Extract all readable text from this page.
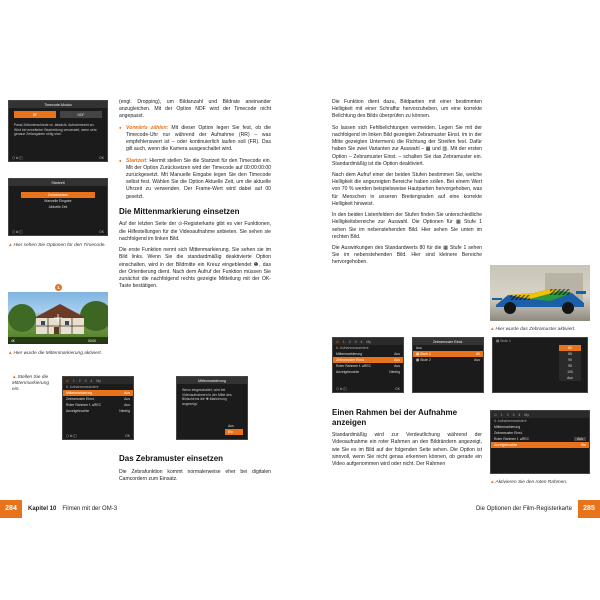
Timecode-Modus
DF	NDF
Passt Zeitunterschiede vs. tatsächl. Aufnahmezeit an. Wird bei erweiterter Bearbeitung verwendet, wenn sehr genaue Zeitangaben nötig sind.
⬡ ⧉ ◫	OK
Startzeit
Zurücksetzen
Manuelle Eingabe
Aktuelle Zeit
⬡ ⧉ ◫	OK
▲Hier sehen Sie Optionen für den Timecode.
4K	00:00
1
▲Hier wurde die Mittenmarkierung aktiviert.
▲Stellen Sie die Mittenmarkierung ein.
⊙ 1 2 3 4 My
6. Aufnahmeassistent
Mittenmarkierung	Aus
Zebramuster Einst.	Aus
Roter Rahmen f. ●REC	Aus
Anzeigeleuchte	Niedrig
⬡ ⧉ ◫	OK
Mittenmarkierung
Wenn eingeschaltet, wird bei Videoaufnahmen in der Mitte des Bildschirms die ✚-Markierung angezeigt.
Aus
Ein

(engl. Dropping), um Bildanzahl und Bildrate aneinander anzugleichen. Mit der Option NDF wird der Timecode nicht angepasst.

● Vorwärts zählen: Mit dieser Option legen Sie fest, ob die Timecode-Uhr nur während der Aufnahme (RR) – was empfehlenswert ist – oder kontinuierlich laufen soll (FR). Das gilt auch, wenn die Kamera ausgeschaltet wird.
● Startzeit: Hiermit stellen Sie die Startzeit für den Timecode ein. Mit der Option Zurücksetzen wird der Timecode auf 00:00:00:00 zurückgesetzt. Mit Manuelle Eingabe legen Sie den Timecode selbst fest. Wählen Sie die Option Aktuelle Zeit, um die aktuelle Uhrzeit zu verwenden. Der Frame-Wert wird dabei auf 00 gesetzt.
Die Mittenmarkierung einsetzen

Auf der letzten Seite der ⊙-Registerkarte gibt es vier Funktionen, die Hilfestellungen für die Videoaufnahme anbieten. Sie sehen sie nachfolgend im linken Bild.

Die erste Funktion nennt sich Mittenmarkierung. Sie sehen sie im Bild links. Wenn Sie die standardmäßig deaktivierte Option einschalten, wird in der Bildmitte ein Kreuz eingeblendet ❶, das der Orientierung dient. Nach dem Aufruf der Funktion müssen Sie zunächst die nachfolgend rechts gezeigte Mitteilung mit der OK-Taste bestätigen.

Das Zebramuster einsetzen

Die Zebrafunktion kommt normalerweise eher bei digitalen Camcordern zum Einsatz.

Die Funktion dient dazu, Bildpartien mit einer bestimmten Helligkeit mit einer Schraffur hervorzuheben, um eine korrekte Belichtung des Bilds überprüfen zu können.

So lassen sich Fehlbelichtungen vermeiden. Legen Sie mit der nachfolgend im linken Bild gezeigten Zebramuster Einst. im in der Mitte gezeigten Untermenü die Richtung der Streifen fest. Dafür haben Sie zwei Varianten zur Auswahl – ▦ und ▥. Mit der ersten Option – Zebramuster Einst. – schalten Sie das Zebramuster ein. Standardmäßig ist die Option deaktiviert.

Nach dem Aufruf einer der beiden Stufen bestimmen Sie, welche Helligkeit die angezeigten Bereiche haben sollen. Bei einem Wert von 70 % werden beispielsweise Hautpartien hervorgehoben, was für Menschen in unseren Breitengraden auf eine korrekte Helligkeit hinweist.

In den beiden Listenfeldern der Stufen finden Sie unterschiedliche Helligkeitsbereiche zur Auswahl. Die Optionen für ▦ Stufe 1 sehen Sie im nebenstehenden Bild. Hier sehen Sie unten im rechten Bild.

Die Auswirkungen des Standardwerts 80 für die ▦ Stufe 1 sehen Sie im nebenstehenden Bild. Hier sind kleinere Bereiche hervorgehoben.

▲Hier wurde das Zebramuster aktiviert.
⊙ 1 2 3 4 My
6. Aufnahmeassistent
Mittenmarkierung	Aus
Zebramuster Einst.	Aus
Roter Rahmen f. ●REC	Aus
Anzeigeleuchte	Niedrig
⬡ ⧉ ◫	OK
Zebramuster Einst.
Aus
▦ Stufe 1	80
▦ Stufe 2	Aus
▦ Stufe 1
80
85
90
95
100
Aus
Einen Rahmen bei der Aufnahme anzeigen

Standardmäßig wird zur Verdeutlichung während der Videoaufnahme ein roter Rahmen an den Bildrändern angezeigt, wie Sie es im Bild auf der folgenden Seite sehen. Die Option ist sinnvoll, wenn Sie nicht genau erkennen können, ob gerade ein Video aufgenommen wird oder nicht. Der Rahmen

⊙ 1 2 3 4 My
6. Aufnahmeassistent
Mittenmarkierung
Zebramuster Einst.
Roter Rahmen f. ●REC	Aus
Anzeigeleuchte	Ein
▲Aktivieren Sie den roten Rahmen.
284	Kapitel 10 Filmen mit der OM-3	Die Optionen der Film-Registerkarte	285
